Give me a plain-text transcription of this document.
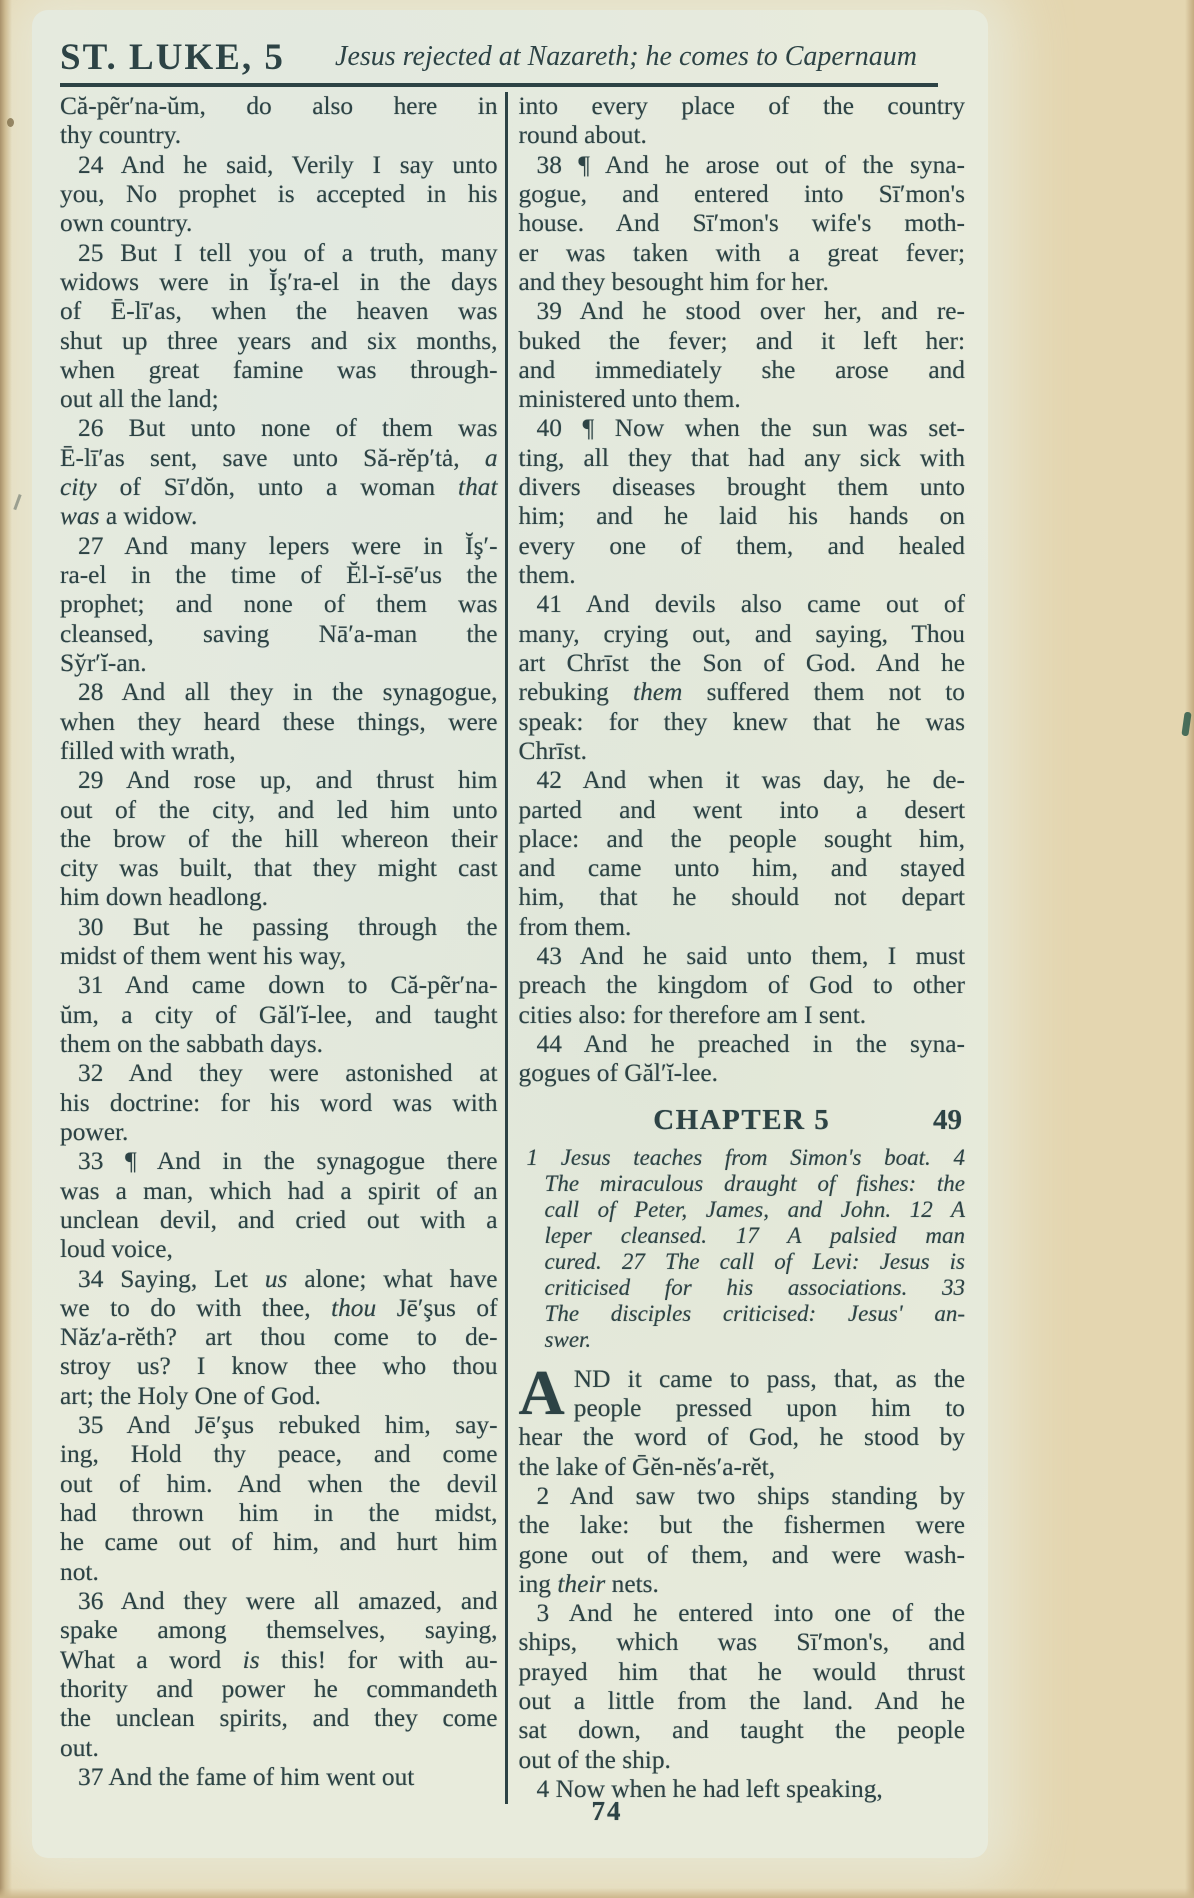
ST. LUKE, 5	Jesus rejected at Nazareth; he comes to Capernaum
Că-pẽr′na-ŭm, do also here in
thy country.
24 And he said, Verily I say unto
you, No prophet is accepted in his
own country.
25 But I tell you of a truth, many
widows were in Ĭş′ra-el in the days
of Ē-lī′as, when the heaven was
shut up three years and six months,
when great famine was through-
out all the land;
26 But unto none of them was
Ē-lī′as sent, save unto Să-rĕp′tȧ, a
city of Sī′dŏn, unto a woman that
was a widow.
27 And many lepers were in Ĭş′-
ra-el in the time of Ĕl-ĭ-sē′us the
prophet; and none of them was
cleansed, saving Nā′a-man the
Sy̆r′ĭ-an.
28 And all they in the synagogue,
when they heard these things, were
filled with wrath,
29 And rose up, and thrust him
out of the city, and led him unto
the brow of the hill whereon their
city was built, that they might cast
him down headlong.
30 But he passing through the
midst of them went his way,
31 And came down to Că-pẽr′na-
ŭm, a city of Găl′ĭ-lee, and taught
them on the sabbath days.
32 And they were astonished at
his doctrine: for his word was with
power.
33 ¶ And in the synagogue there
was a man, which had a spirit of an
unclean devil, and cried out with a
loud voice,
34 Saying, Let us alone; what have
we to do with thee, thou Jē′şus of
Năz′a-rĕth? art thou come to de-
stroy us? I know thee who thou
art; the Holy One of God.
35 And Jē′şus rebuked him, say-
ing, Hold thy peace, and come
out of him. And when the devil
had thrown him in the midst,
he came out of him, and hurt him
not.
36 And they were all amazed, and
spake among themselves, saying,
What a word is this! for with au-
thority and power he commandeth
the unclean spirits, and they come
out.
37 And the fame of him went out
into every place of the country
round about.
38 ¶ And he arose out of the syna-
gogue, and entered into Sī′mon's
house. And Sī′mon's wife's moth-
er was taken with a great fever;
and they besought him for her.
39 And he stood over her, and re-
buked the fever; and it left her:
and immediately she arose and
ministered unto them.
40 ¶ Now when the sun was set-
ting, all they that had any sick with
divers diseases brought them unto
him; and he laid his hands on
every one of them, and healed
them.
41 And devils also came out of
many, crying out, and saying, Thou
art Chrīst the Son of God. And he
rebuking them suffered them not to
speak: for they knew that he was
Chrīst.
42 And when it was day, he de-
parted and went into a desert
place: and the people sought him,
and came unto him, and stayed
him, that he should not depart
from them.
43 And he said unto them, I must
preach the kingdom of God to other
cities also: for therefore am I sent.
44 And he preached in the syna-
gogues of Găl′ĭ-lee.
CHAPTER 5	49
1 Jesus teaches from Simon's boat. 4
The miraculous draught of fishes: the
call of Peter, James, and John. 12 A
leper cleansed. 17 A palsied man
cured. 27 The call of Levi: Jesus is
criticised for his associations. 33
The disciples criticised: Jesus' an-
swer.
A ND it came to pass, that, as the
people pressed upon him to
hear the word of God, he stood by
the lake of Ḡĕn-nĕs′a-rĕt,
2 And saw two ships standing by
the lake: but the fishermen were
gone out of them, and were wash-
ing their nets.
3 And he entered into one of the
ships, which was Sī′mon's, and
prayed him that he would thrust
out a little from the land. And he
sat down, and taught the people
out of the ship.
4 Now when he had left speaking,
74
